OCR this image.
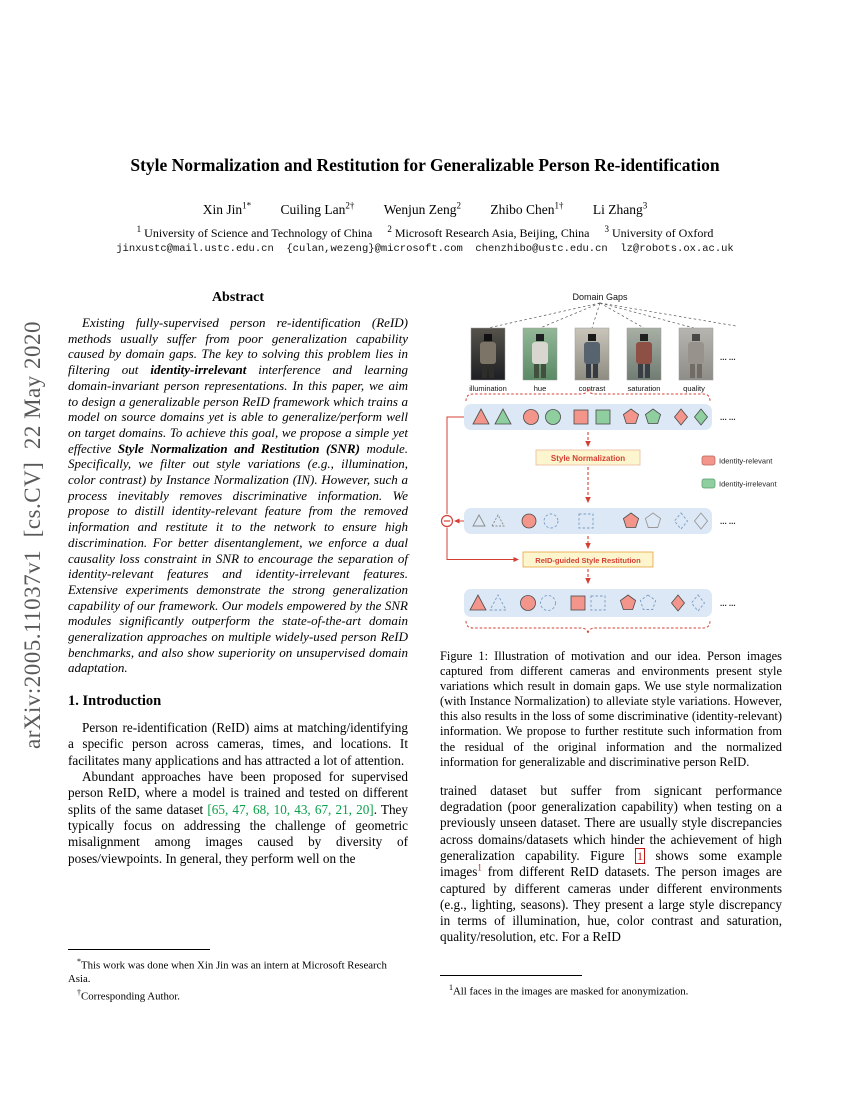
arXiv:2005.11037v1  [cs.CV]  22 May 2020
Style Normalization and Restitution for Generalizable Person Re-identification
Xin Jin$^{1*}$ Cuiling Lan$^{2\dagger}$ Wenjun Zeng$^2$ Zhibo Chen$^{1\dagger}$ Li Zhang$^3$
$^1$ University of Science and Technology of China $^2$ Microsoft Research Asia, Beijing, China $^3$ University of Oxford
jinxustc@mail.ustc.edu.cn  {culan,wezeng}@microsoft.com  chenzhibo@ustc.edu.cn  lz@robots.ox.ac.uk
Abstract

Existing fully-supervised person re-identification (ReID) methods usually suffer from poor generalization capability caused by domain gaps. The key to solving this problem lies in filtering out identity-irrelevant interference and learning domain-invariant person representations. In this paper, we aim to design a generalizable person ReID framework which trains a model on source domains yet is able to generalize/perform well on target domains. To achieve this goal, we propose a simple yet effective Style Normalization and Restitution (SNR) module. Specifically, we filter out style variations (e.g., illumination, color contrast) by Instance Normalization (IN). However, such a process inevitably removes discriminative information. We propose to distill identity-relevant feature from the removed information and restitute it to the network to ensure high discrimination. For better disentanglement, we enforce a dual causality loss constraint in SNR to encourage the separation of identity-relevant features and identity-irrelevant features. Extensive experiments demonstrate the strong generalization capability of our framework. Our models empowered by the SNR modules significantly outperform the state-of-the-art domain generalization approaches on multiple widely-used person ReID benchmarks, and also show superiority on unsupervised domain adaptation.

1. Introduction

Person re-identification (ReID) aims at matching/identifying a specific person across cameras, times, and locations. It facilitates many applications and has attracted a lot of attention.

Abundant approaches have been proposed for supervised person ReID, where a model is trained and tested on different splits of the same dataset [65, 47, 68, 10, 43, 67, 21, 20]. They typically focus on addressing the challenge of geometric misalignment among images caused by diversity of poses/viewpoints. In general, they perform well on the

*This work was done when Xin Jin was an intern at Microsoft Research Asia.
†Corresponding Author.
Domain Gaps
illumination	hue	contrast	saturation	quality
... ...
... ...
... ...
... ...
Style Normalization	Identity-relevant
Identity-irrelevant
ReID-guided Style Restitution
Figure 1: Illustration of motivation and our idea. Person images captured from different cameras and environments present style variations which result in domain gaps. We use style normalization (with Instance Normalization) to alleviate style variations. However, this also results in the loss of some discriminative (identity-relevant) information. We propose to further restitute such information from the residual of the original information and the normalized information for generalizable and discriminative person ReID.

trained dataset but suffer from signicant performance degradation (poor generalization capability) when testing on a previously unseen dataset. There are usually style discrepancies across domains/datasets which hinder the achievement of high generalization capability. Figure 1 shows some example images$^1$ from different ReID datasets. The person images are captured by different cameras under different environments (e.g., lighting, seasons). They present a large style discrepancy in terms of illumination, hue, color contrast and saturation, quality/resolution, etc. For a ReID

$^1$All faces in the images are masked for anonymization.
